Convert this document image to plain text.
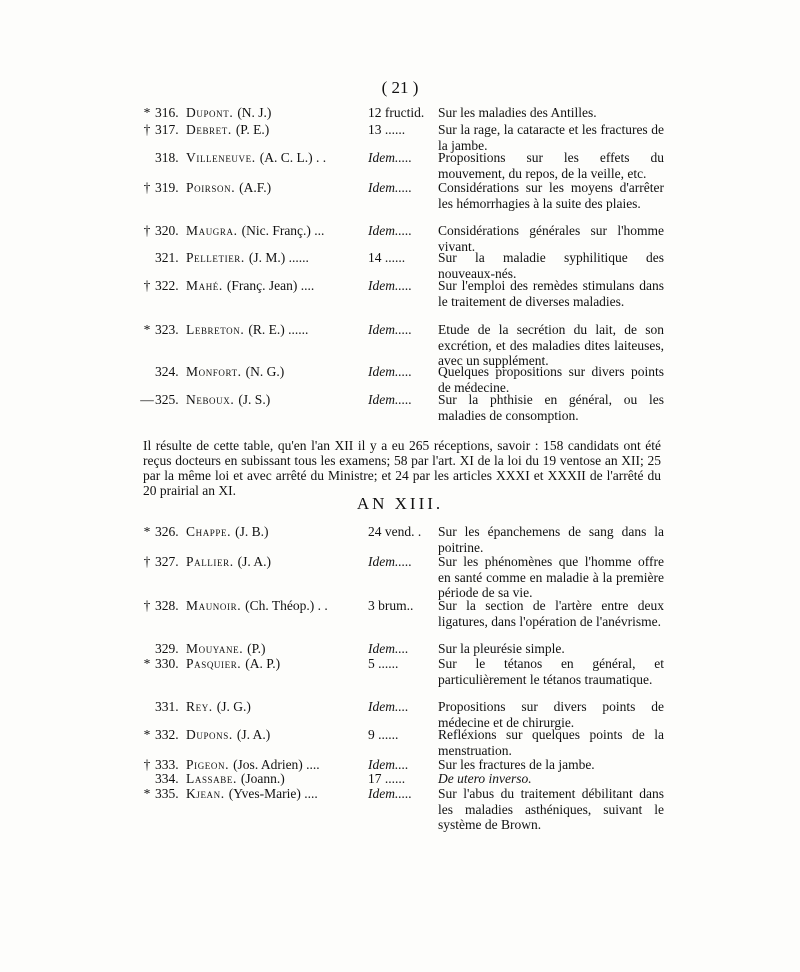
( 21 )
* 316. Dupont. (N. J.)	12 fructid. Sur les maladies des Antilles.
† 317. Debret. (P. E.)	13 ...... Sur la rage, la cataracte et les fractures de la jambe.
318. Villeneuve. (A. C. L.) . .	Idem..... Propositions sur les effets du mouvement, du repos, de la veille, etc.
† 319. Poirson. (A.F.)	Idem..... Considérations sur les moyens d'arrêter les hémorrhagies à la suite des plaies.
† 320. Maugra. (Nic. Franç.) ...	Idem..... Considérations générales sur l'homme vivant.
321. Pelletier. (J. M.) ......	14 ...... Sur la maladie syphilitique des nouveaux-nés.
† 322. Mahé. (Franç. Jean) ....	Idem..... Sur l'emploi des remèdes stimulans dans le traitement de diverses maladies.
* 323. Lebreton. (R. E.) ......	Idem..... Etude de la secrétion du lait, de son excrétion, et des maladies dites laiteuses, avec un supplément.
324. Monfort. (N. G.)	Idem..... Quelques propositions sur divers points de médecine.
— 325. Neboux. (J. S.)	Idem..... Sur la phthisie en général, ou les maladies de consomption.

Il résulte de cette table, qu'en l'an XII il y a eu 265 réceptions, savoir : 158 candidats ont été reçus docteurs en subissant tous les examens; 58 par l'art. XI de la loi du 19 ventose an XII; 25 par la même loi et avec arrêté du Ministre; et 24 par les articles XXXI et XXXII de l'arrêté du 20 prairial an XI.

AN XIII.
* 326. Chappe. (J. B.)	24 vend. . Sur les épanchemens de sang dans la poitrine.
† 327. Pallier. (J. A.)	Idem..... Sur les phénomènes que l'homme offre en santé comme en maladie à la première période de sa vie.
† 328. Maunoir. (Ch. Théop.) . .	3 brum.. Sur la section de l'artère entre deux ligatures, dans l'opération de l'anévrisme.
329. Mouyane. (P.)	Idem.... Sur la pleurésie simple.
* 330. Pasquier. (A. P.)	5 ......	Sur le tétanos en général, et particulièrement le tétanos traumatique.
331. Rey. (J. G.)	Idem.... Propositions sur divers points de médecine et de chirurgie.
* 332. Dupons. (J. A.)	9 ......	Refléxions sur quelques points de la menstruation.
† 333. Pigeon. (Jos. Adrien) ....	Idem.... Sur les fractures de la jambe.
334. Lassabe. (Joann.)	17 ...... De utero inverso.
* 335. Kjean. (Yves-Marie) ....	Idem..... Sur l'abus du traitement débilitant dans les maladies asthéniques, suivant le système de Brown.
